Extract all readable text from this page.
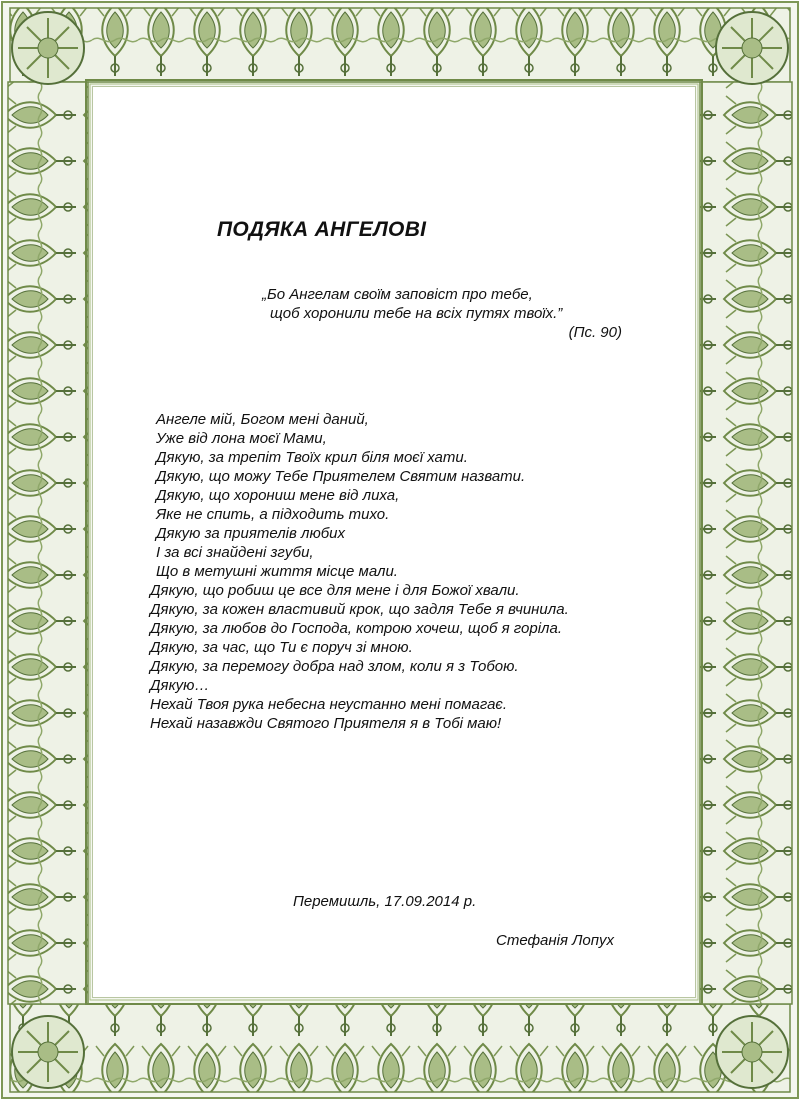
ПОДЯКА АНГЕЛОВІ
„Бо Ангелам своїм заповіст про тебе,
щоб хоронили тебе на всіх путях твоїх.”
(Пс. 90)
Ангеле мій, Богом мені даний,
Уже від лона моєї Мами,
Дякую, за трепіт Твоїх крил біля моєї хати.
Дякую, що можу Тебе Приятелем Святим назвати.
Дякую, що хорониш мене від лиха,
Яке не спить, а підходить тихо.
Дякую за приятелів любих
І за всі знайдені згуби,
Що в метушні життя місце мали.
Дякую, що робиш це все для мене і для Божої хвали.
Дякую, за кожен властивий крок, що задля Тебе я вчинила.
Дякую, за любов до Господа, котрою хочеш, щоб я горіла.
Дякую, за час, що Ти є поруч зі мною.
Дякую, за перемогу добра над злом, коли я з Тобою.
Дякую…
Нехай Твоя рука небесна неустанно мені помагає.
Нехай назавжди Святого Приятеля я в Тобі маю!
Перемишль, 17.09.2014 р.
Стефанія Лопух
